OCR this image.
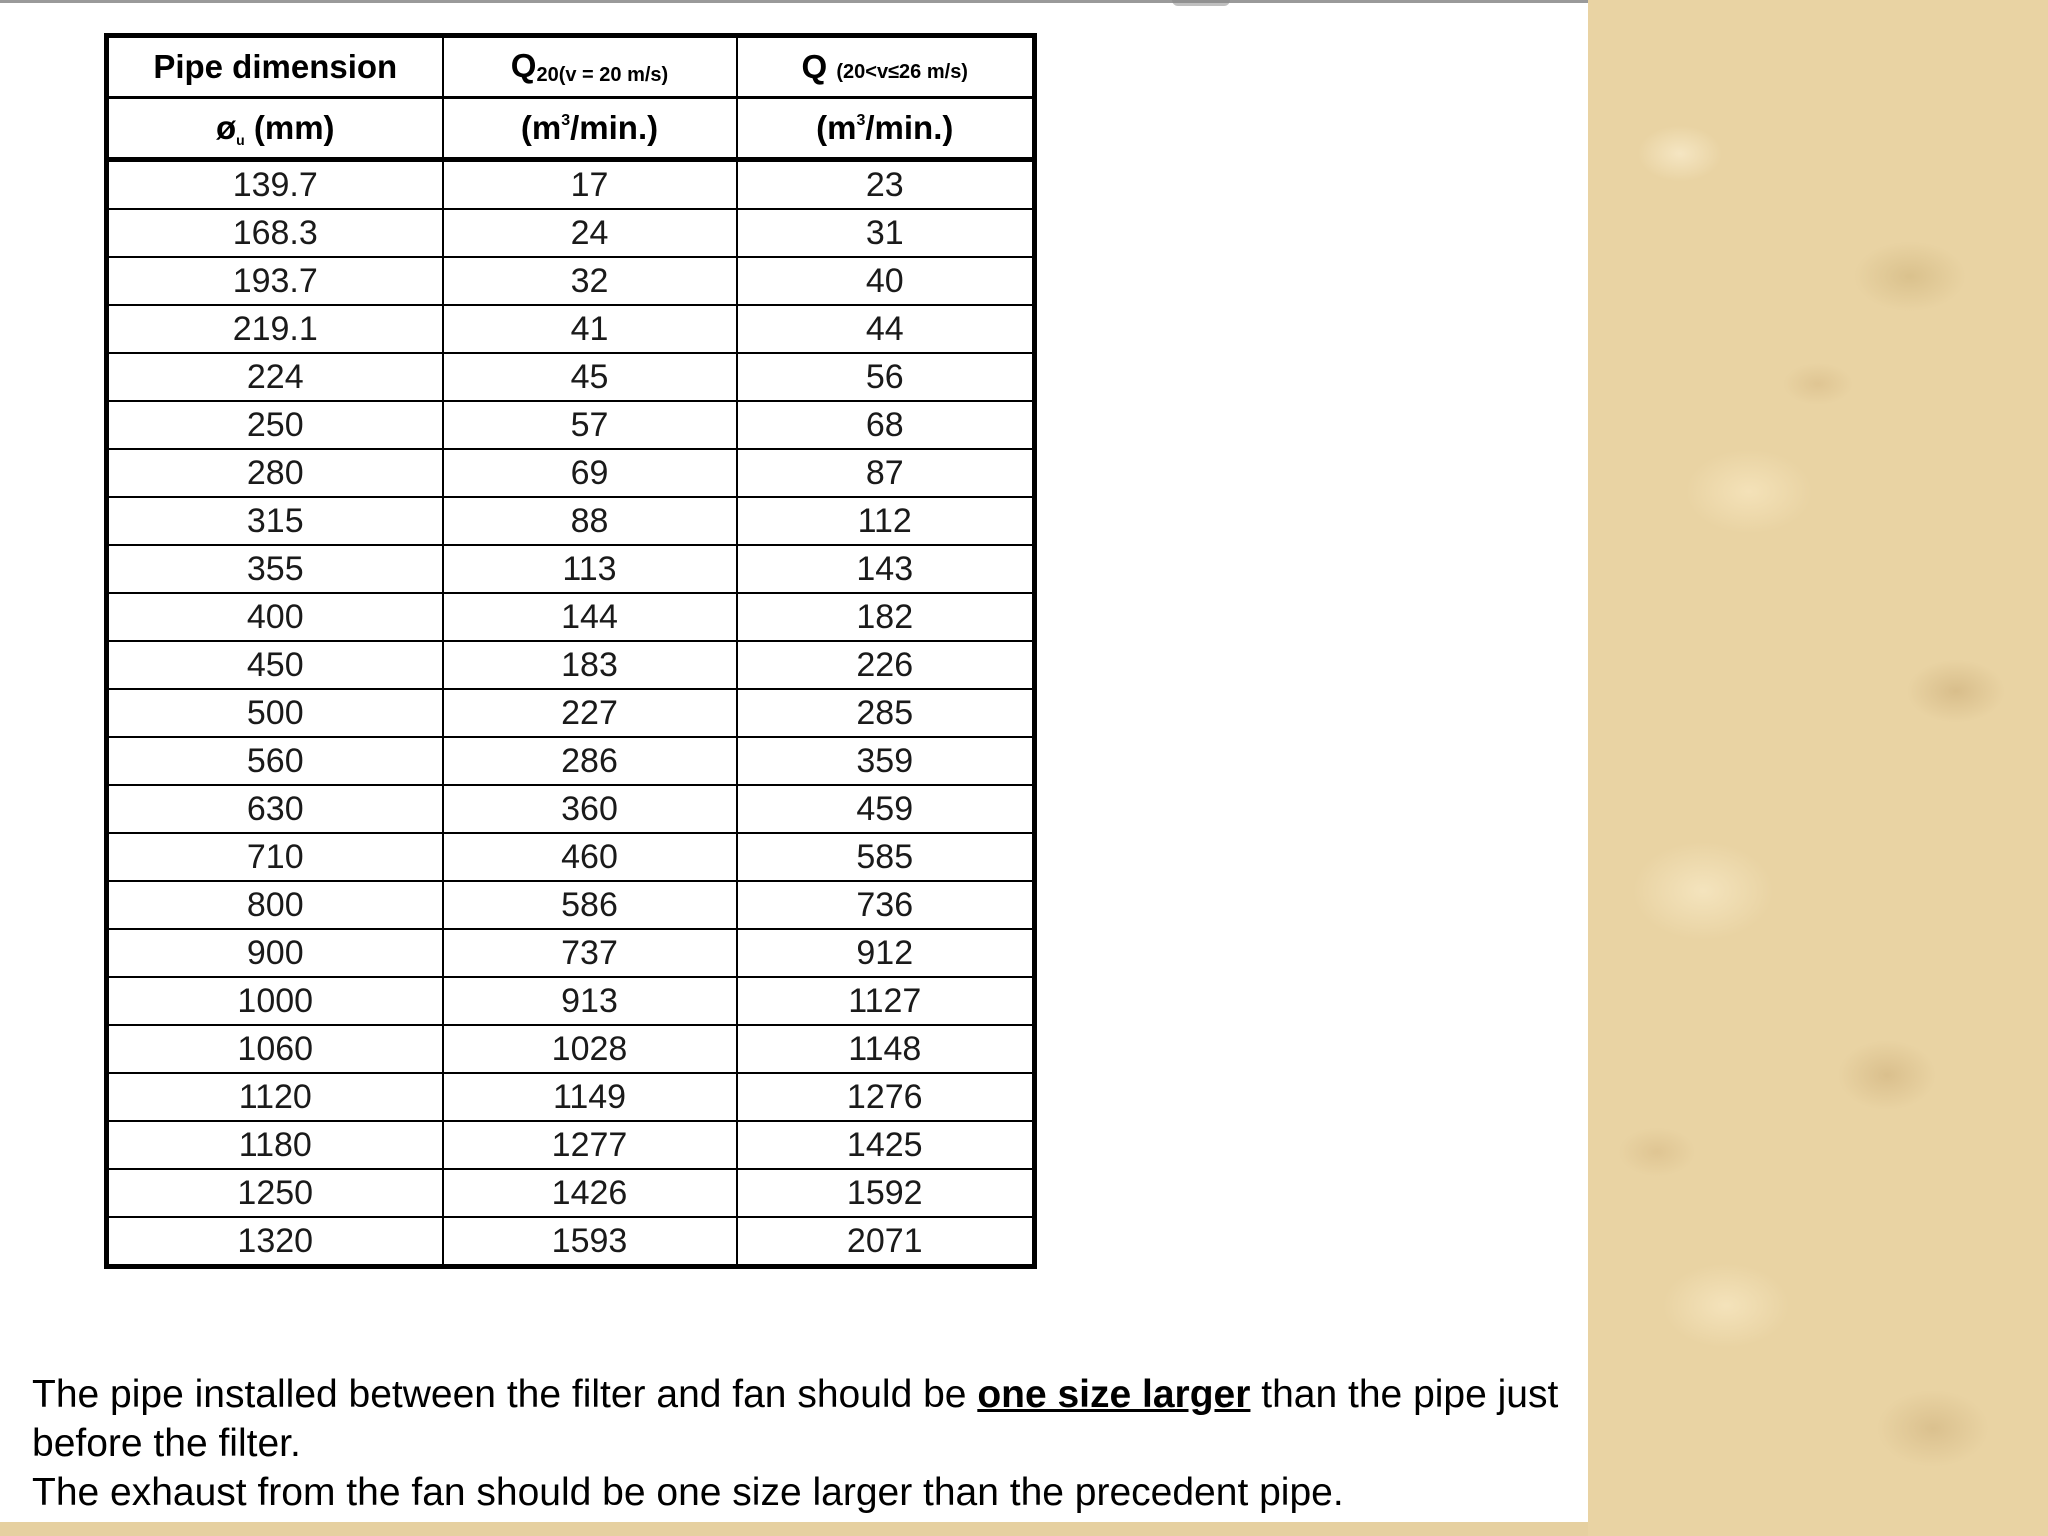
Pipe dimension	$Q_{20(v = 20 m/s)}$	Q (20<v≤26 m/s)
$ø_u$ (mm)	$(m^3/\min.)$	$(m^3/\min.)$
139.7	17	23
168.3	24	31
193.7	32	40
219.1	41	44
224	45	56
250	57	68
280	69	87
315	88	112
355	113	143
400	144	182
450	183	226
500	227	285
560	286	359
630	360	459
710	460	585
800	586	736
900	737	912
1000	913	1127
1060	1028	1148
1120	1149	1276
1180	1277	1425
1250	1426	1592
1320	1593	2071
The pipe installed between the filter and fan should be one size larger than the pipe just before the filter.
The exhaust from the fan should be one size larger than the precedent pipe.
